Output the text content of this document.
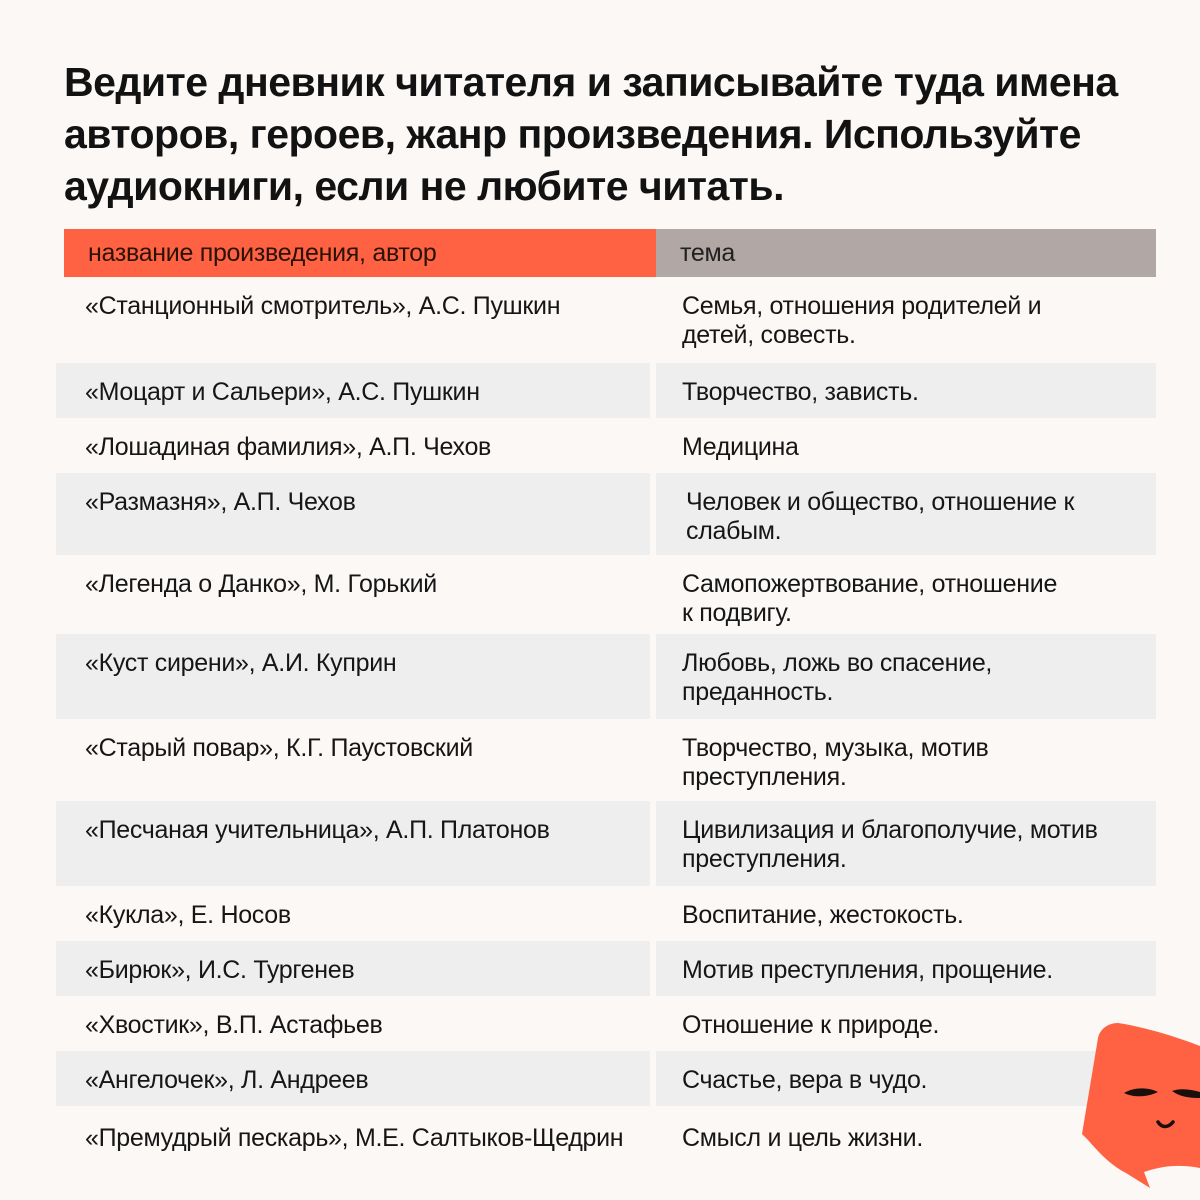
Ведите дневник читателя и записывайте туда имена
авторов, героев, жанр произведения. Используйте
аудиокниги, если не любите читать.
название произведения, автор	тема
«Станционный смотритель», А.С. Пушкин	Семья, отношения родителей и
детей, совесть.
«Моцарт и Сальери», А.С. Пушкин	Творчество, зависть.
«Лошадиная фамилия», А.П. Чехов	Медицина
«Размазня», А.П. Чехов	Человек и общество, отношение к
слабым.
«Легенда о Данко», М. Горький	Самопожертвование, отношение
к подвигу.
«Куст сирени», А.И. Куприн	Любовь, ложь во спасение,
преданность.
«Старый повар», К.Г. Паустовский	Творчество, музыка, мотив
преступления.
«Песчаная учительница», А.П. Платонов	Цивилизация и благополучие, мотив
преступления.
«Кукла», Е. Носов	Воспитание, жестокость.
«Бирюк», И.С. Тургенев	Мотив преступления, прощение.
«Хвостик», В.П. Астафьев	Отношение к природе.
«Ангелочек», Л. Андреев	Счастье, вера в чудо.
«Премудрый пескарь», М.Е. Салтыков-Щедрин	Смысл и цель жизни.
